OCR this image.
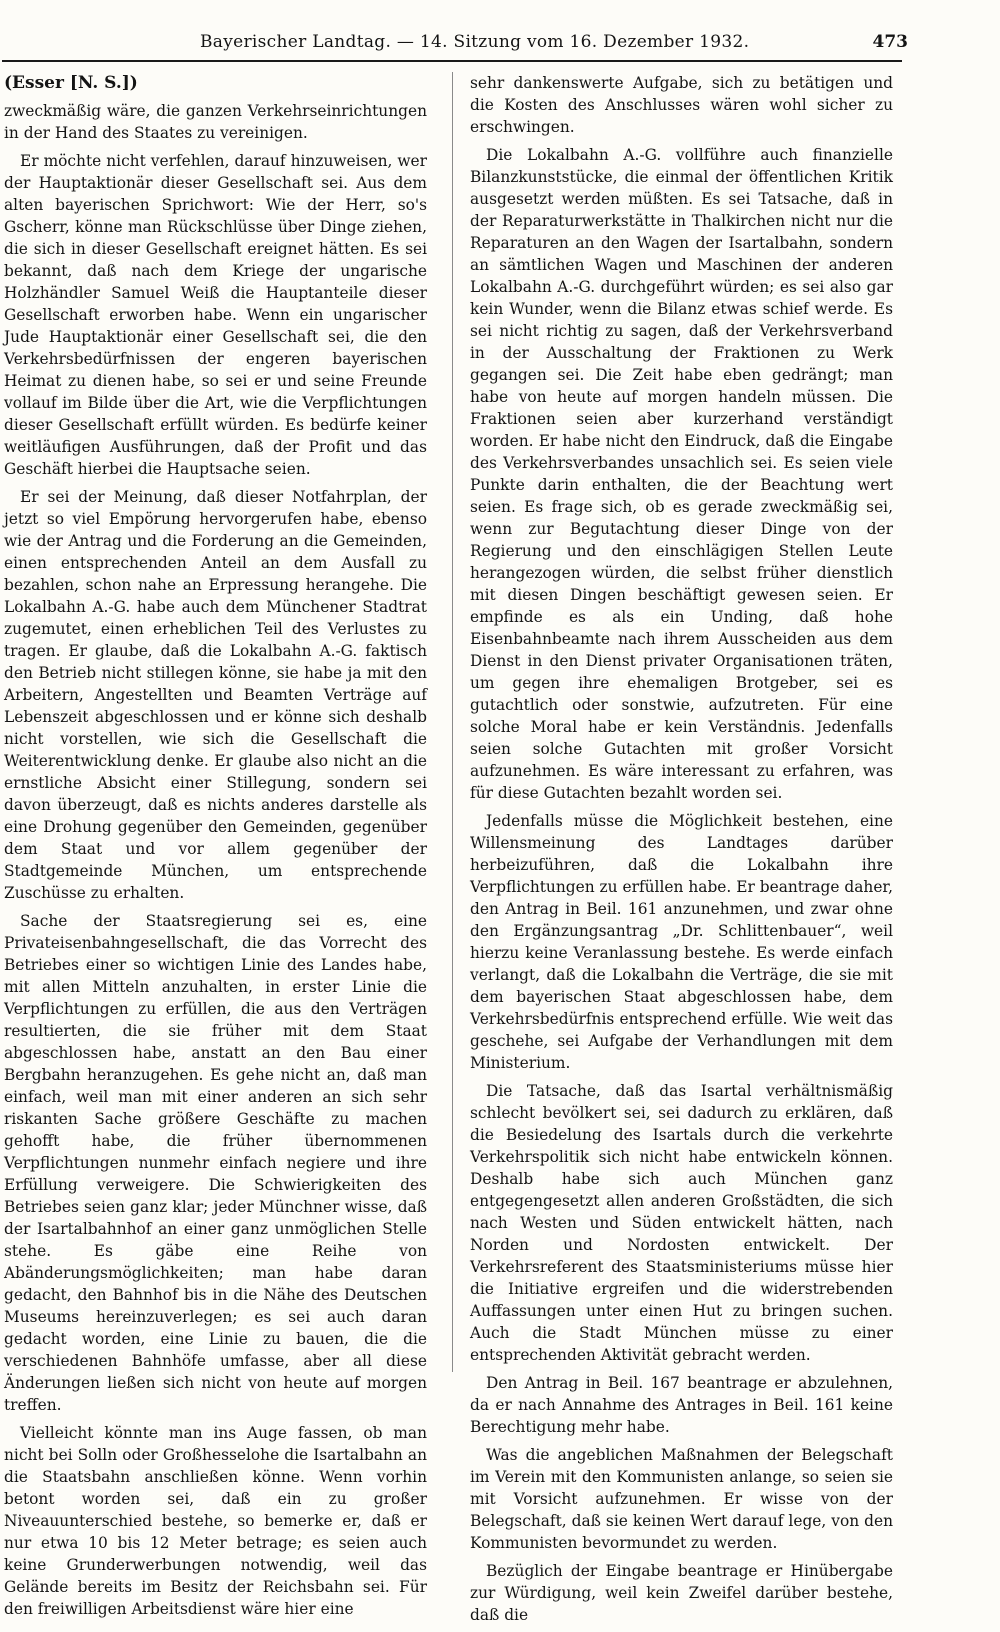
Bayerischer Landtag. — 14. Sitzung vom 16. Dezember 1932.	473

(Esser [N. S.])

zweckmäßig wäre, die ganzen Verkehrseinrichtungen in der Hand des Staates zu vereinigen.

Er möchte nicht verfehlen, darauf hinzuweisen, wer der Hauptaktionär dieser Gesellschaft sei. Aus dem alten bayerischen Sprichwort: Wie der Herr, so's Gscherr, könne man Rückschlüsse über Dinge ziehen, die sich in dieser Gesellschaft ereignet hätten. Es sei bekannt, daß nach dem Kriege der ungarische Holzhändler Samuel Weiß die Hauptanteile dieser Gesellschaft erworben habe. Wenn ein ungarischer Jude Hauptaktionär einer Gesellschaft sei, die den Verkehrsbedürfnissen der engeren bayerischen Heimat zu dienen habe, so sei er und seine Freunde vollauf im Bilde über die Art, wie die Verpflichtungen dieser Gesellschaft erfüllt würden. Es bedürfe keiner weitläufigen Ausführungen, daß der Profit und das Geschäft hierbei die Hauptsache seien.

Er sei der Meinung, daß dieser Notfahrplan, der jetzt so viel Empörung hervorgerufen habe, ebenso wie der Antrag und die Forderung an die Gemeinden, einen entsprechenden Anteil an dem Ausfall zu bezahlen, schon nahe an Erpressung herangehe. Die Lokalbahn A.-G. habe auch dem Münchener Stadtrat zugemutet, einen erheblichen Teil des Verlustes zu tragen. Er glaube, daß die Lokalbahn A.-G. faktisch den Betrieb nicht stillegen könne, sie habe ja mit den Arbeitern, Angestellten und Beamten Verträge auf Lebenszeit abgeschlossen und er könne sich deshalb nicht vorstellen, wie sich die Gesellschaft die Weiterentwicklung denke. Er glaube also nicht an die ernstliche Absicht einer Stillegung, sondern sei davon überzeugt, daß es nichts anderes darstelle als eine Drohung gegenüber den Gemeinden, gegenüber dem Staat und vor allem gegenüber der Stadtgemeinde München, um entsprechende Zuschüsse zu erhalten.

Sache der Staatsregierung sei es, eine Privateisenbahngesellschaft, die das Vorrecht des Betriebes einer so wichtigen Linie des Landes habe, mit allen Mitteln anzuhalten, in erster Linie die Verpflichtungen zu erfüllen, die aus den Verträgen resultierten, die sie früher mit dem Staat abgeschlossen habe, anstatt an den Bau einer Bergbahn heranzugehen. Es gehe nicht an, daß man einfach, weil man mit einer anderen an sich sehr riskanten Sache größere Geschäfte zu machen gehofft habe, die früher übernommenen Verpflichtungen nunmehr einfach negiere und ihre Erfüllung verweigere. Die Schwierigkeiten des Betriebes seien ganz klar; jeder Münchner wisse, daß der Isartalbahnhof an einer ganz unmöglichen Stelle stehe. Es gäbe eine Reihe von Abänderungsmöglichkeiten; man habe daran gedacht, den Bahnhof bis in die Nähe des Deutschen Museums hereinzuverlegen; es sei auch daran gedacht worden, eine Linie zu bauen, die die verschiedenen Bahnhöfe umfasse, aber all diese Änderungen ließen sich nicht von heute auf morgen treffen.

Vielleicht könnte man ins Auge fassen, ob man nicht bei Solln oder Großhesselohe die Isartalbahn an die Staatsbahn anschließen könne. Wenn vorhin betont worden sei, daß ein zu großer Niveauunterschied bestehe, so bemerke er, daß er nur etwa 10 bis 12 Meter betrage; es seien auch keine Grunderwerbungen notwendig, weil das Gelände bereits im Besitz der Reichsbahn sei. Für den freiwilligen Arbeitsdienst wäre hier eine

sehr dankenswerte Aufgabe, sich zu betätigen und die Kosten des Anschlusses wären wohl sicher zu erschwingen.

Die Lokalbahn A.-G. vollführe auch finanzielle Bilanzkunststücke, die einmal der öffentlichen Kritik ausgesetzt werden müßten. Es sei Tatsache, daß in der Reparaturwerkstätte in Thalkirchen nicht nur die Reparaturen an den Wagen der Isartalbahn, sondern an sämtlichen Wagen und Maschinen der anderen Lokalbahn A.-G. durchgeführt würden; es sei also gar kein Wunder, wenn die Bilanz etwas schief werde. Es sei nicht richtig zu sagen, daß der Verkehrsverband in der Ausschaltung der Fraktionen zu Werk gegangen sei. Die Zeit habe eben gedrängt; man habe von heute auf morgen handeln müssen. Die Fraktionen seien aber kurzerhand verständigt worden. Er habe nicht den Eindruck, daß die Eingabe des Verkehrsverbandes unsachlich sei. Es seien viele Punkte darin enthalten, die der Beachtung wert seien. Es frage sich, ob es gerade zweckmäßig sei, wenn zur Begutachtung dieser Dinge von der Regierung und den einschlägigen Stellen Leute herangezogen würden, die selbst früher dienstlich mit diesen Dingen beschäftigt gewesen seien. Er empfinde es als ein Unding, daß hohe Eisenbahnbeamte nach ihrem Ausscheiden aus dem Dienst in den Dienst privater Organisationen träten, um gegen ihre ehemaligen Brotgeber, sei es gutachtlich oder sonstwie, aufzutreten. Für eine solche Moral habe er kein Verständnis. Jedenfalls seien solche Gutachten mit großer Vorsicht aufzunehmen. Es wäre interessant zu erfahren, was für diese Gutachten bezahlt worden sei.

Jedenfalls müsse die Möglichkeit bestehen, eine Willensmeinung des Landtages darüber herbeizuführen, daß die Lokalbahn ihre Verpflichtungen zu erfüllen habe. Er beantrage daher, den Antrag in Beil. 161 anzunehmen, und zwar ohne den Ergänzungsantrag „Dr. Schlittenbauer“, weil hierzu keine Veranlassung bestehe. Es werde einfach verlangt, daß die Lokalbahn die Verträge, die sie mit dem bayerischen Staat abgeschlossen habe, dem Verkehrsbedürfnis entsprechend erfülle. Wie weit das geschehe, sei Aufgabe der Verhandlungen mit dem Ministerium.

Die Tatsache, daß das Isartal verhältnismäßig schlecht bevölkert sei, sei dadurch zu erklären, daß die Besiedelung des Isartals durch die verkehrte Verkehrspolitik sich nicht habe entwickeln können. Deshalb habe sich auch München ganz entgegengesetzt allen anderen Großstädten, die sich nach Westen und Süden entwickelt hätten, nach Norden und Nordosten entwickelt. Der Verkehrsreferent des Staatsministeriums müsse hier die Initiative ergreifen und die widerstrebenden Auffassungen unter einen Hut zu bringen suchen. Auch die Stadt München müsse zu einer entsprechenden Aktivität gebracht werden.

Den Antrag in Beil. 167 beantrage er abzulehnen, da er nach Annahme des Antrages in Beil. 161 keine Berechtigung mehr habe.

Was die angeblichen Maßnahmen der Belegschaft im Verein mit den Kommunisten anlange, so seien sie mit Vorsicht aufzunehmen. Er wisse von der Belegschaft, daß sie keinen Wert darauf lege, von den Kommunisten bevormundet zu werden.

Bezüglich der Eingabe beantrage er Hinübergabe zur Würdigung, weil kein Zweifel darüber bestehe, daß die
